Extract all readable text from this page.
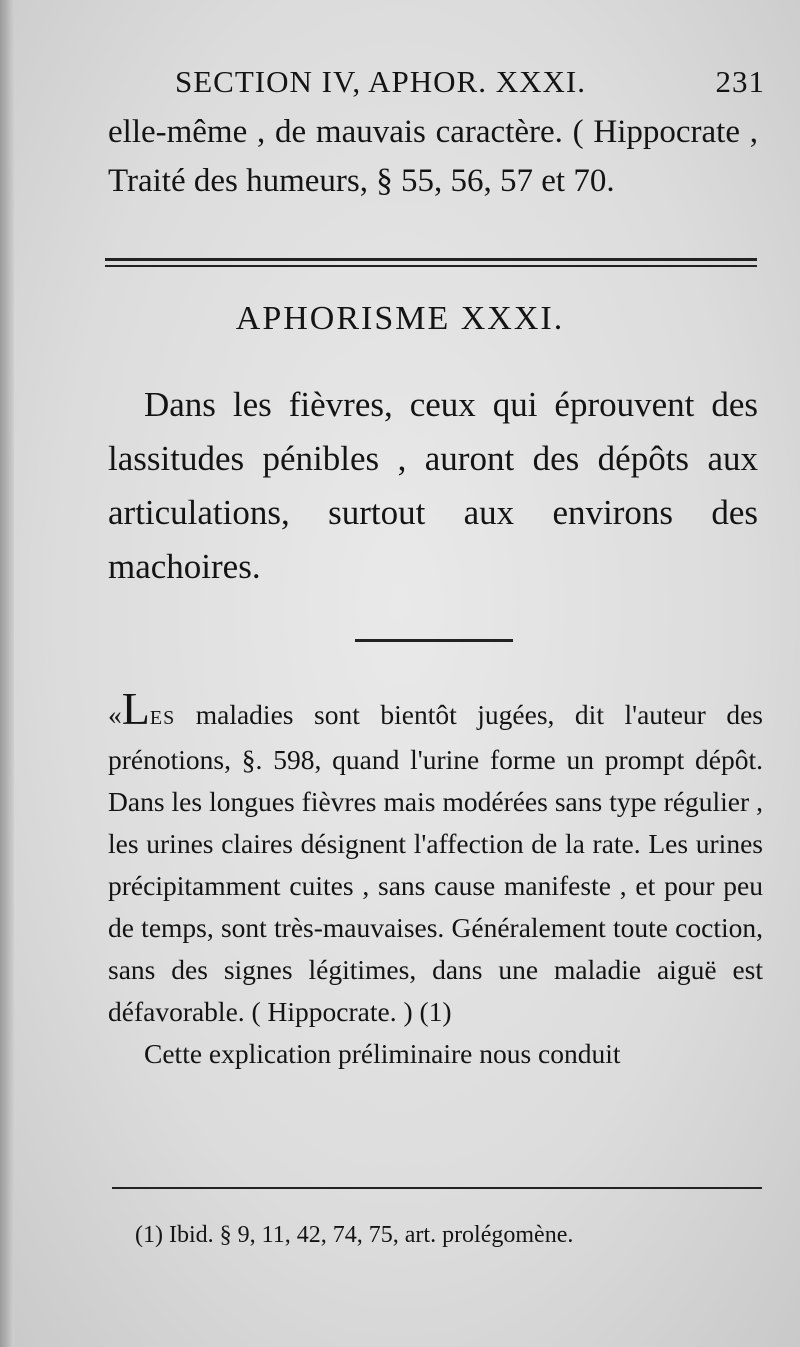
SECTION IV, APHOR. XXXI.	231
elle-même , de mauvais caractère. ( Hippocrate , Traité des humeurs, § 55, 56, 57 et 70.
APHORISME XXXI.
Dans les fièvres, ceux qui éprouvent des lassitudes pénibles , auront des dépôts aux articulations, surtout aux environs des machoires.
«LES maladies sont bientôt jugées, dit l'auteur des prénotions, §. 598, quand l'urine forme un prompt dépôt. Dans les longues fièvres mais modérées sans type régulier , les urines claires désignent l'affection de la rate. Les urines précipitamment cuites , sans cause manifeste , et pour peu de temps, sont très-mauvaises. Généralement toute coction, sans des signes légitimes, dans une maladie aiguë est défavorable. ( Hippocrate. ) (1)
Cette explication préliminaire nous conduit
(1) Ibid. § 9, 11, 42, 74, 75, art. prolégomène.
